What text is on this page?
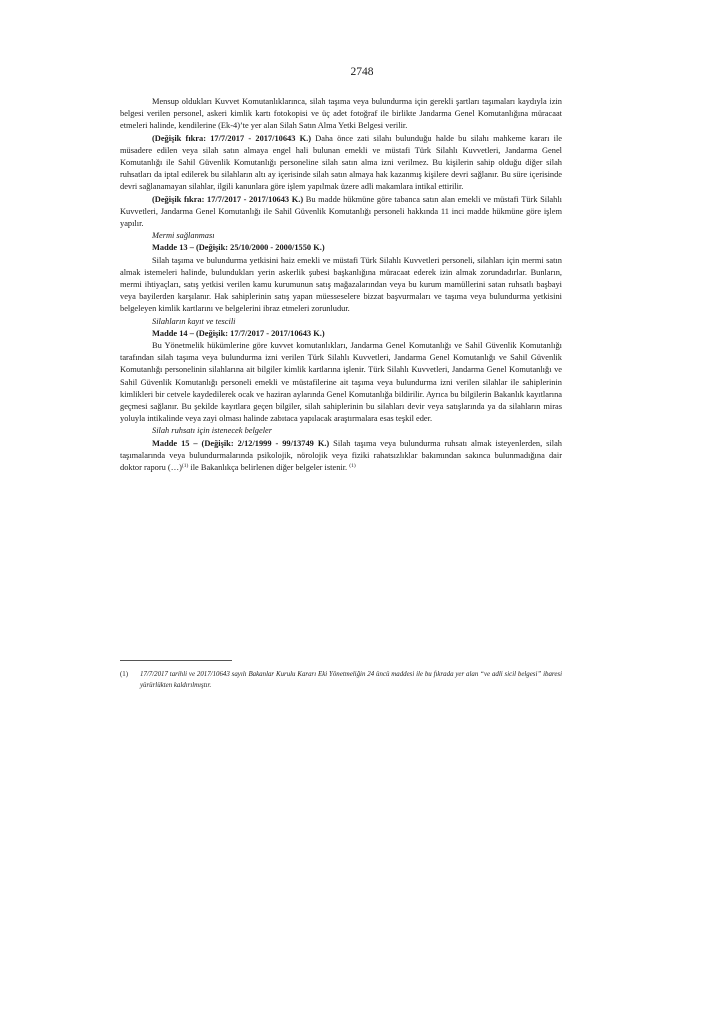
2748

Mensup oldukları Kuvvet Komutanlıklarınca, silah taşıma veya bulundurma için gerekli şartları taşımaları kaydıyla izin belgesi verilen personel, askeri kimlik kartı fotokopisi ve üç adet fotoğraf ile birlikte Jandarma Genel Komutanlığına müracaat etmeleri halinde, kendilerine (Ek-4)’te yer alan Silah Satın Alma Yetki Belgesi verilir.

(Değişik fıkra: 17/7/2017 - 2017/10643 K.) Daha önce zati silahı bulunduğu halde bu silahı mahkeme kararı ile müsadere edilen veya silah satın almaya engel hali bulunan emekli ve müstafi Türk Silahlı Kuvvetleri, Jandarma Genel Komutanlığı ile Sahil Güvenlik Komutanlığı personeline silah satın alma izni verilmez. Bu kişilerin sahip olduğu diğer silah ruhsatları da iptal edilerek bu silahların altı ay içerisinde silah satın almaya hak kazanmış kişilere devri sağlanır. Bu süre içerisinde devri sağlanamayan silahlar, ilgili kanunlara göre işlem yapılmak üzere adli makamlara intikal ettirilir.

(Değişik fıkra: 17/7/2017 - 2017/10643 K.) Bu madde hükmüne göre tabanca satın alan emekli ve müstafi Türk Silahlı Kuvvetleri, Jandarma Genel Komutanlığı ile Sahil Güvenlik Komutanlığı personeli hakkında 11 inci madde hükmüne göre işlem yapılır.

Mermi sağlanması

Madde 13 – (Değişik: 25/10/2000 - 2000/1550 K.)

Silah taşıma ve bulundurma yetkisini haiz emekli ve müstafi Türk Silahlı Kuvvetleri personeli, silahları için mermi satın almak istemeleri halinde, bulundukları yerin askerlik şubesi başkanlığına müracaat ederek izin almak zorundadırlar. Bunların, mermi ihtiyaçları, satış yetkisi verilen kamu kurumunun satış mağazalarından veya bu kurum mamüllerini satan ruhsatlı başbayi veya bayilerden karşılanır. Hak sahiplerinin satış yapan müesseselere bizzat başvurmaları ve taşıma veya bulundurma yetkisini belgeleyen kimlik kartlarını ve belgelerini ibraz etmeleri zorunludur.

Silahların kayıt ve tescili

Madde 14 – (Değişik: 17/7/2017 - 2017/10643 K.)

Bu Yönetmelik hükümlerine göre kuvvet komutanlıkları, Jandarma Genel Komutanlığı ve Sahil Güvenlik Komutanlığı tarafından silah taşıma veya bulundurma izni verilen Türk Silahlı Kuvvetleri, Jandarma Genel Komutanlığı ve Sahil Güvenlik Komutanlığı personelinin silahlarına ait bilgiler kimlik kartlarına işlenir. Türk Silahlı Kuvvetleri, Jandarma Genel Komutanlığı ve Sahil Güvenlik Komutanlığı personeli emekli ve müstafilerine ait taşıma veya bulundurma izni verilen silahlar ile sahiplerinin kimlikleri bir cetvele kaydedilerek ocak ve haziran aylarında Genel Komutanlığa bildirilir. Ayrıca bu bilgilerin Bakanlık kayıtlarına geçmesi sağlanır. Bu şekilde kayıtlara geçen bilgiler, silah sahiplerinin bu silahları devir veya satışlarında ya da silahların miras yoluyla intikalinde veya zayi olması halinde zabıtaca yapılacak araştırmalara esas teşkil eder.

Silah ruhsatı için istenecek belgeler

Madde 15 – (Değişik: 2/12/1999 - 99/13749 K.) Silah taşıma veya bulundurma ruhsatı almak isteyenlerden, silah taşımalarında veya bulundurmalarında psikolojik, nörolojik veya fiziki rahatsızlıklar bakımından sakınca bulunmadığına dair doktor raporu (…)$^{(1)}$ ile Bakanlıkça belirlenen diğer belgeler istenir. $^{(1)}$

(1)	17/7/2017 tarihli ve 2017/10643 sayılı Bakanlar Kurulu Kararı Eki Yönetmeliğin 24 üncü maddesi ile bu fıkrada yer alan “ve adli sicil belgesi” ibaresi yürürlükten kaldırılmıştır.
